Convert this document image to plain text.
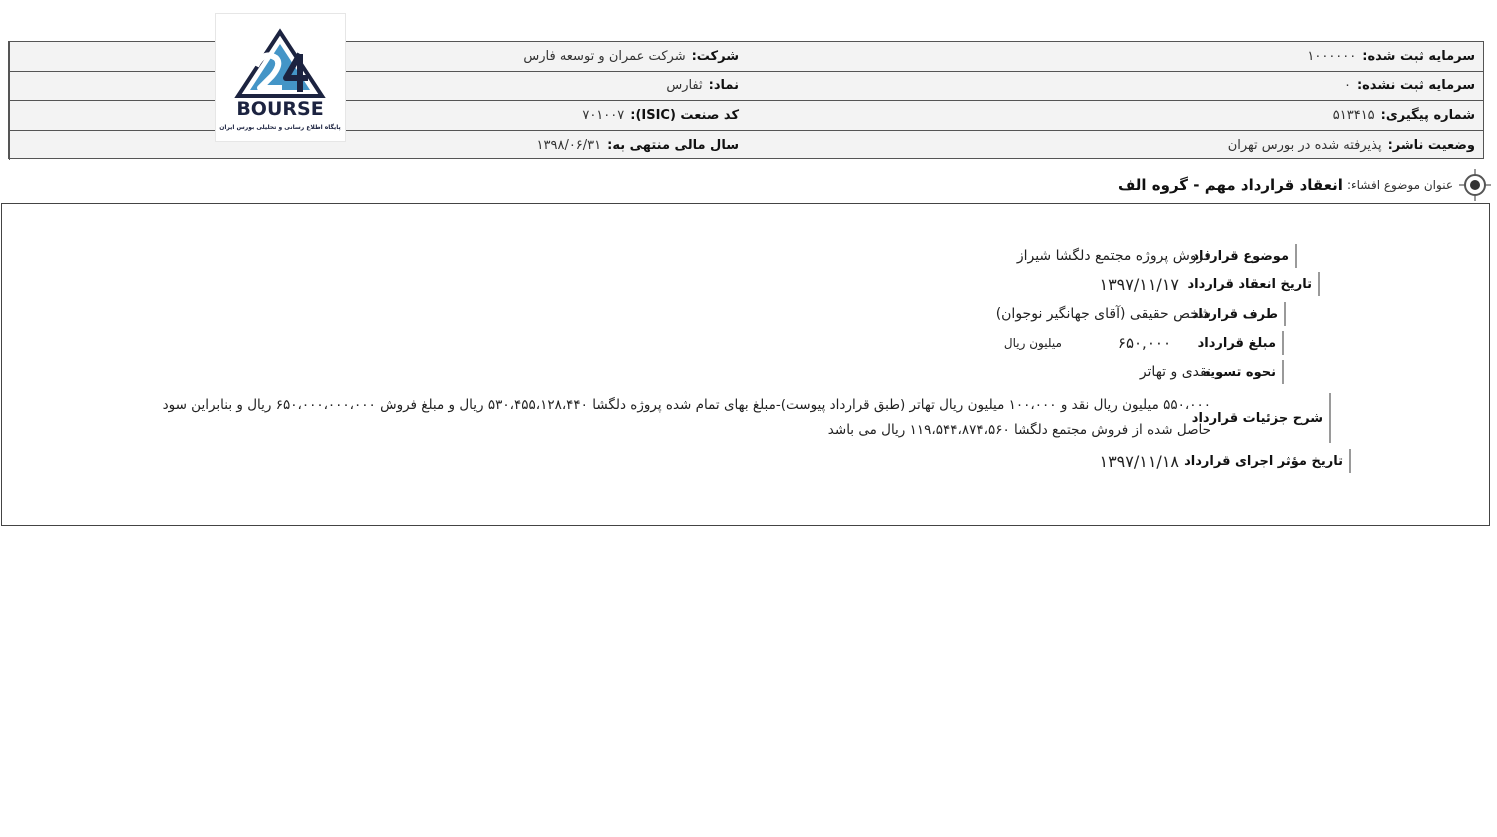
سرمایه ثبت شده:
۱۰۰۰۰۰۰
شرکت:
شرکت عمران و توسعه فارس
سرمایه ثبت نشده:
۰
نماد:
ثفارس
شماره پیگیری:
۵۱۳۴۱۵
کد صنعت (ISIC):
۷۰۱۰۰۷
وضعیت ناشر:
پذیرفته شده در بورس تهران
سال مالی منتهی به:
۱۳۹۸/۰۶/۳۱
BOURSE
پایگاه اطلاع رسانی و تحلیلی بورس ایران
عنوان موضوع افشاء:
انعقاد قرارداد مهم - گروه الف
موضوع قرارداد
فروش پروژه مجتمع دلگشا شیراز
تاریخ انعقاد قرارداد
۱۳۹۷/۱۱/۱۷
طرف قرارداد
شخص حقیقی (آقای جهانگیر نوجوان)
مبلغ قرارداد
۶۵۰,۰۰۰
میلیون ریال
نحوه تسویه
نقدی و تهاتر
شرح جزئیات قرارداد
۵۵۰،۰۰۰ میلیون ریال نقد و ۱۰۰،۰۰۰ میلیون ریال تهاتر (طبق قرارداد پیوست)-مبلغ بهای تمام شده پروژه دلگشا ۵۳۰،۴۵۵،۱۲۸،۴۴۰ ریال و مبلغ فروش ۶۵۰،۰۰۰،۰۰۰،۰۰۰ ریال و بنابراین سود حاصل شده از فروش مجتمع دلگشا ۱۱۹،۵۴۴،۸۷۴،۵۶۰ ریال می باشد
تاریخ مؤثر اجرای قرارداد
۱۳۹۷/۱۱/۱۸
